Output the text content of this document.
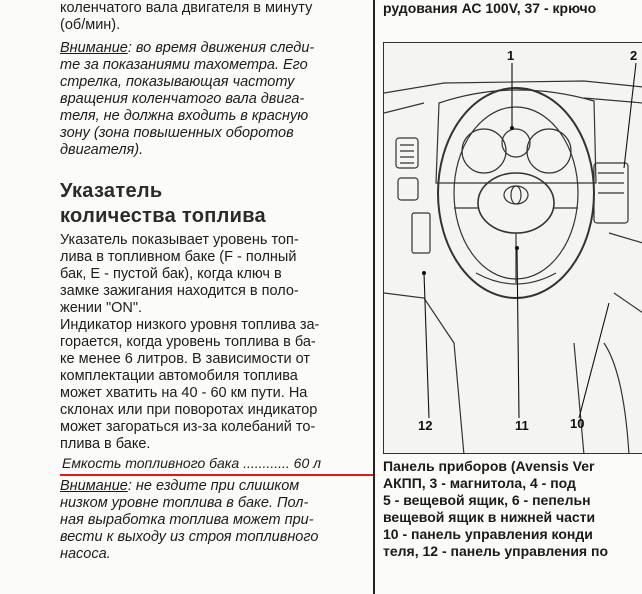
коленчатого вала двигателя в минуту
(об/мин).
Внимание: во время движения следи-
те за показаниями тахометра. Его
стрелка, показывающая частоту
вращения коленчатого вала двига-
теля, не должна входить в красную
зону (зона повышенных оборотов
двигателя).
Указатель
количества топлива
Указатель показывает уровень топ-
лива в топливном баке (F - полный
бак, Е - пустой бак), когда ключ в
замке зажигания находится в поло-
жении "ON".
Индикатор низкого уровня топлива за-
горается, когда уровень топлива в ба-
ке менее 6 литров. В зависимости от
комплектации автомобиля топлива
может хватить на 40 - 60 км пути. На
склонах или при поворотах индикатор
может загораться из-за колебаний то-
плива в баке.
Емкость топливного бака ............ 60 л
Внимание: не ездите при слишком
низком уровне топлива в баке. Пол-
ная выработка топлива может при-
вести к выходу из строя топливного
насоса.
рудования АС 100V, 37 - крючо
1	2
12	11	10
Панель приборов (Avensis Ver
АКПП, 3 - магнитола, 4 - под
5 - вещевой ящик, 6 - пепельн
вещевой ящик в нижней части
10 - панель управления конди
теля, 12 - панель управления по
